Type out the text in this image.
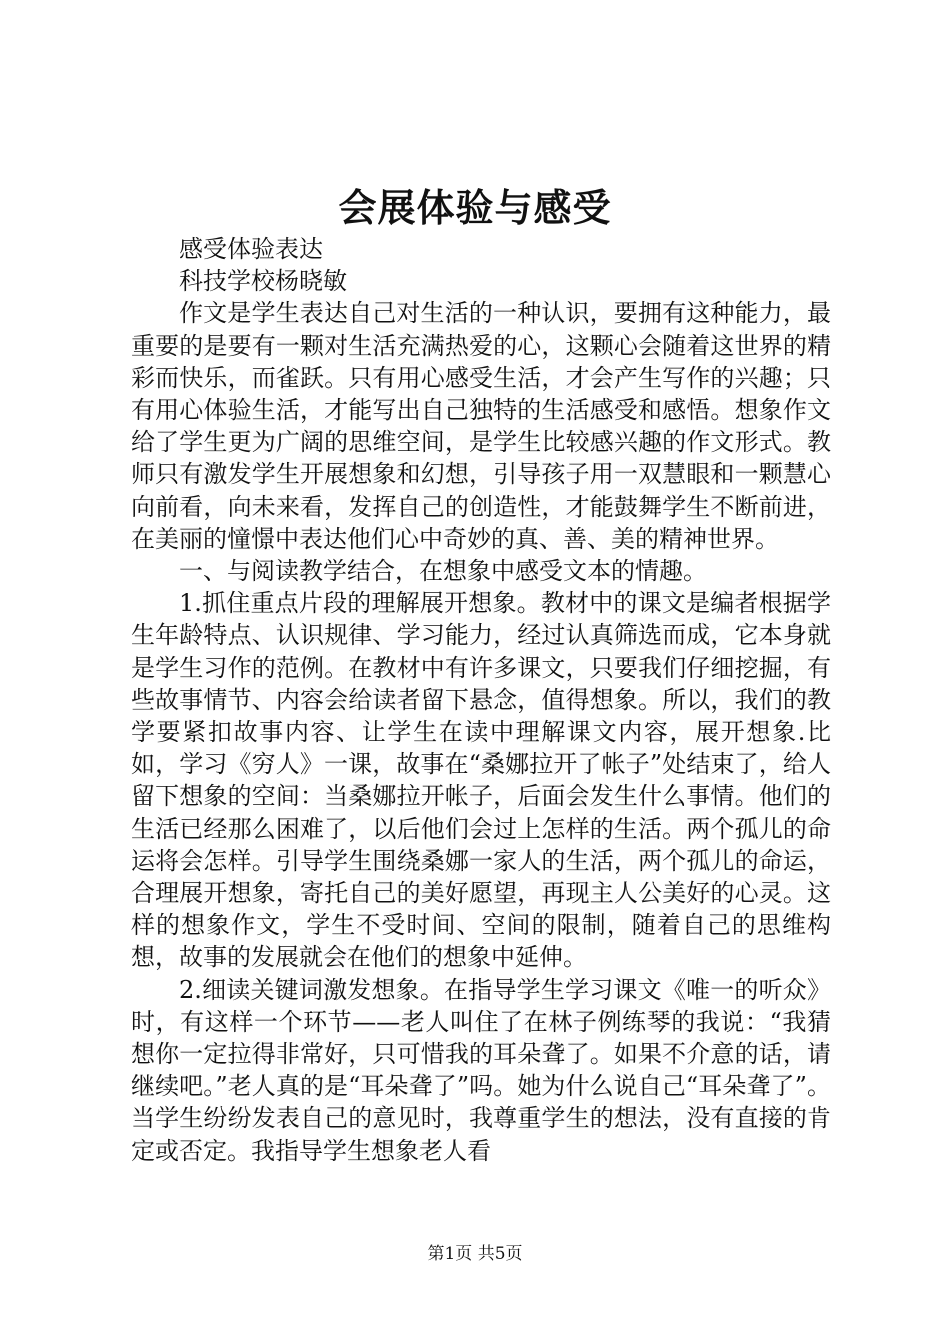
会展体验与感受

感受体验表达

科技学校杨晓敏

作文是学生表达自己对生活的一种认识，要拥有这种能力，最重要的是要有一颗对生活充满热爱的心，这颗心会随着这世界的精彩而快乐，而雀跃。只有用心感受生活，才会产生写作的兴趣；只有用心体验生活，才能写出自己独特的生活感受和感悟。想象作文给了学生更为广阔的思维空间，是学生比较感兴趣的作文形式。教师只有激发学生开展想象和幻想，引导孩子用一双慧眼和一颗慧心向前看，向未来看，发挥自己的创造性，才能鼓舞学生不断前进，在美丽的憧憬中表达他们心中奇妙的真、善、美的精神世界。

一、与阅读教学结合，在想象中感受文本的情趣。

1.抓住重点片段的理解展开想象。教材中的课文是编者根据学生年龄特点、认识规律、学习能力，经过认真筛选而成，它本身就是学生习作的范例。在教材中有许多课文，只要我们仔细挖掘，有些故事情节、内容会给读者留下悬念，值得想象。所以，我们的教学要紧扣故事内容、让学生在读中理解课文内容，展开想象.比如，学习《穷人》一课，故事在“桑娜拉开了帐子”处结束了，给人留下想象的空间：当桑娜拉开帐子，后面会发生什么事情。他们的生活已经那么困难了，以后他们会过上怎样的生活。两个孤儿的命运将会怎样。引导学生围绕桑娜一家人的生活，两个孤儿的命运，合理展开想象，寄托自己的美好愿望，再现主人公美好的心灵。这样的想象作文，学生不受时间、空间的限制，随着自己的思维构想，故事的发展就会在他们的想象中延伸。

2.细读关键词激发想象。在指导学生学习课文《唯一的听众》时，有这样一个环节——老人叫住了在林子例练琴的我说：“我猜想你一定拉得非常好，只可惜我的耳朵聋了。如果不介意的话，请继续吧。”老人真的是“耳朵聋了”吗。她为什么说自己“耳朵聋了”。当学生纷纷发表自己的意见时，我尊重学生的想法，没有直接的肯定或否定。我指导学生想象老人看

第1页 共5页
